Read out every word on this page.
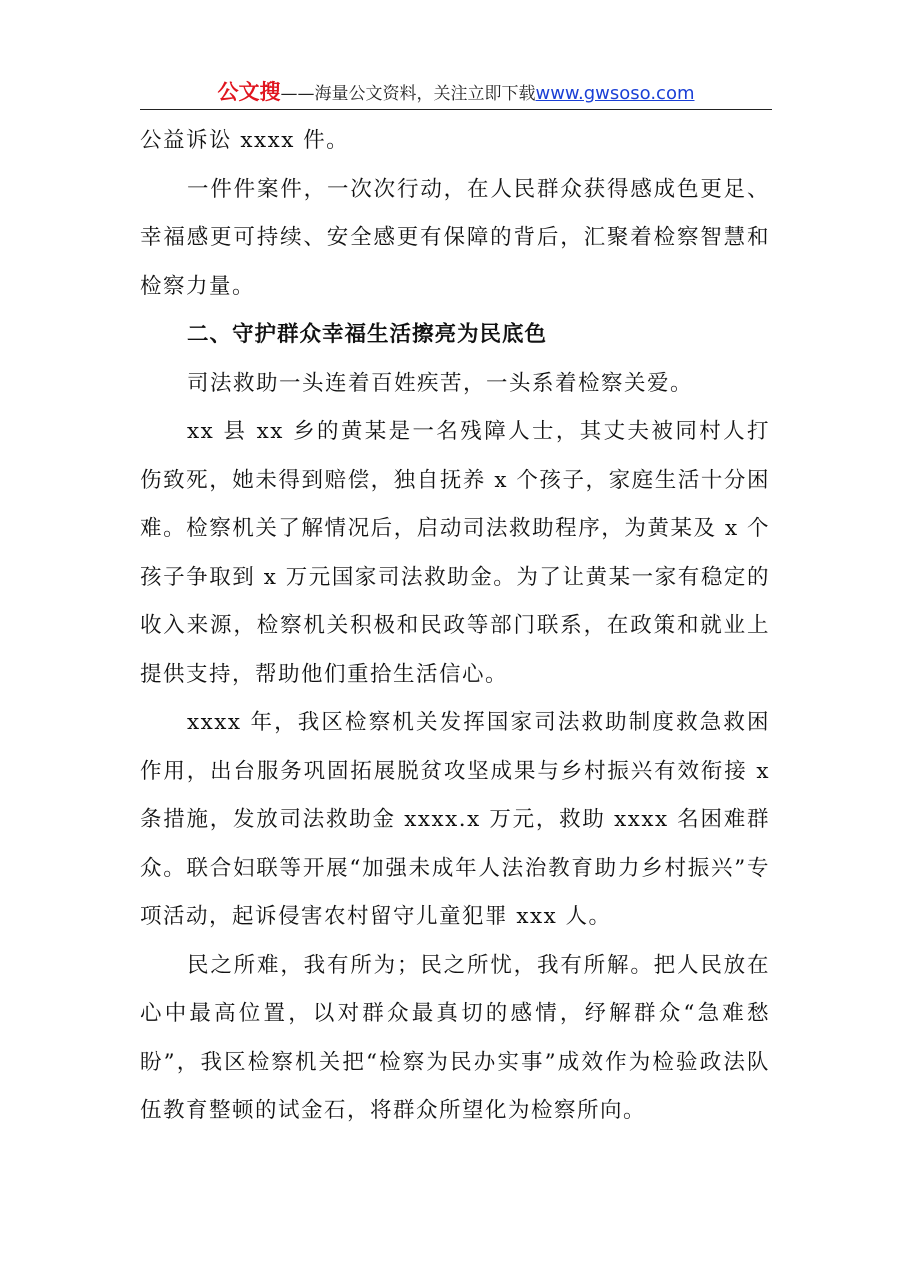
公文搜——海量公文资料，关注立即下载www.gwsoso.com

公益诉讼 xxxx 件。

一件件案件，一次次行动，在人民群众获得感成色更足、幸福感更可持续、安全感更有保障的背后，汇聚着检察智慧和检察力量。

二、守护群众幸福生活擦亮为民底色

司法救助一头连着百姓疾苦，一头系着检察关爱。

xx 县 xx 乡的黄某是一名残障人士，其丈夫被同村人打伤致死，她未得到赔偿，独自抚养 x 个孩子，家庭生活十分困难。检察机关了解情况后，启动司法救助程序，为黄某及 x 个孩子争取到 x 万元国家司法救助金。为了让黄某一家有稳定的收入来源，检察机关积极和民政等部门联系，在政策和就业上提供支持，帮助他们重拾生活信心。

xxxx 年，我区检察机关发挥国家司法救助制度救急救困作用，出台服务巩固拓展脱贫攻坚成果与乡村振兴有效衔接 x 条措施，发放司法救助金 xxxx.x 万元，救助 xxxx 名困难群众。联合妇联等开展“加强未成年人法治教育助力乡村振兴”专项活动，起诉侵害农村留守儿童犯罪 xxx 人。

民之所难，我有所为；民之所忧，我有所解。把人民放在心中最高位置，以对群众最真切的感情，纾解群众“急难愁盼”，我区检察机关把“检察为民办实事”成效作为检验政法队伍教育整顿的试金石，将群众所望化为检察所向。
